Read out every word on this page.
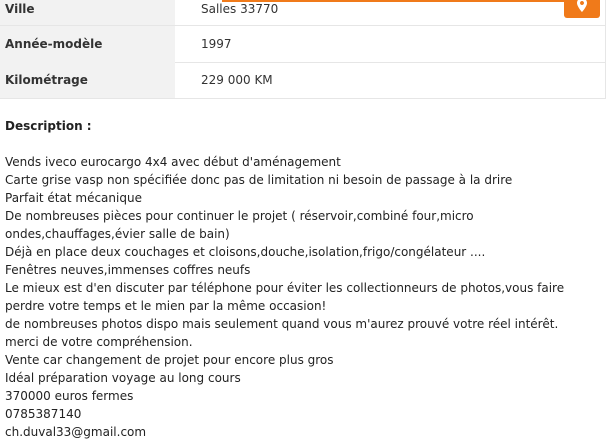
Ville	Salles 33770
Année-modèle	1997
Kilométrage	229 000 KM
Description :
Vends iveco eurocargo 4x4 avec début d'aménagement
Carte grise vasp non spécifiée donc pas de limitation ni besoin de passage à la drire
Parfait état mécanique
De nombreuses pièces pour continuer le projet ( réservoir,combiné four,micro ondes,chauffages,évier salle de bain)
Déjà en place deux couchages et cloisons,douche,isolation,frigo/congélateur ....
Fenêtres neuves,immenses coffres neufs
Le mieux est d'en discuter par téléphone pour éviter les collectionneurs de photos,vous faire perdre votre temps et le mien par la même occasion!
de nombreuses photos dispo mais seulement quand vous m'aurez prouvé votre réel intérêt.
merci de votre compréhension.
Vente car changement de projet pour encore plus gros
Idéal préparation voyage au long cours
370000 euros fermes
0785387140
ch.duval33@gmail.com
